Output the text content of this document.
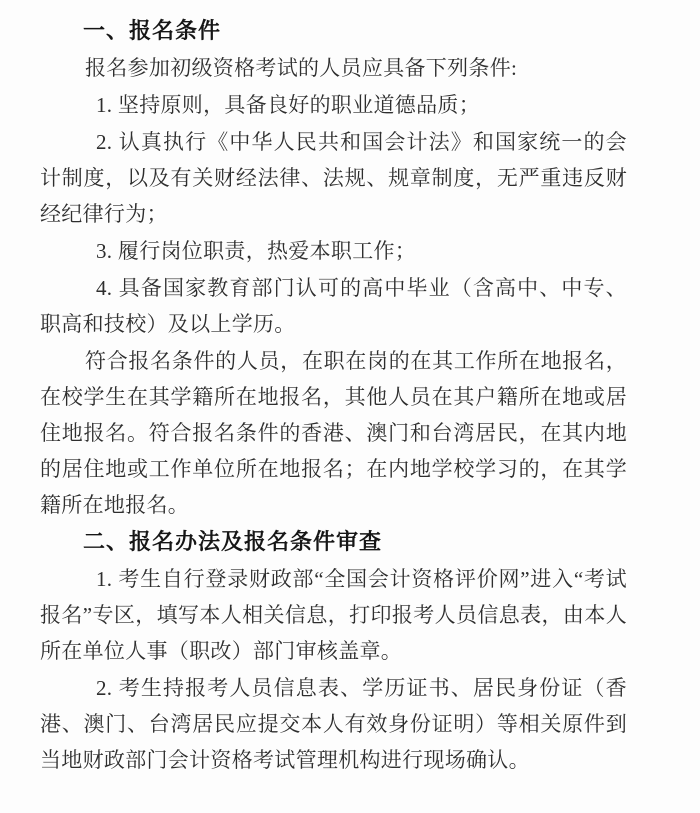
一、报名条件

报名参加初级资格考试的人员应具备下列条件:

1. 坚持原则，具备良好的职业道德品质；

2. 认真执行《中华人民共和国会计法》和国家统一的会计制度，以及有关财经法律、法规、规章制度，无严重违反财经纪律行为；

3. 履行岗位职责，热爱本职工作；

4. 具备国家教育部门认可的高中毕业（含高中、中专、职高和技校）及以上学历。

符合报名条件的人员，在职在岗的在其工作所在地报名，在校学生在其学籍所在地报名，其他人员在其户籍所在地或居住地报名。符合报名条件的香港、澳门和台湾居民，在其内地的居住地或工作单位所在地报名；在内地学校学习的，在其学籍所在地报名。

二、报名办法及报名条件审查

1. 考生自行登录财政部“全国会计资格评价网”进入“考试报名”专区，填写本人相关信息，打印报考人员信息表，由本人所在单位人事（职改）部门审核盖章。

2. 考生持报考人员信息表、学历证书、居民身份证（香港、澳门、台湾居民应提交本人有效身份证明）等相关原件到当地财政部门会计资格考试管理机构进行现场确认。
